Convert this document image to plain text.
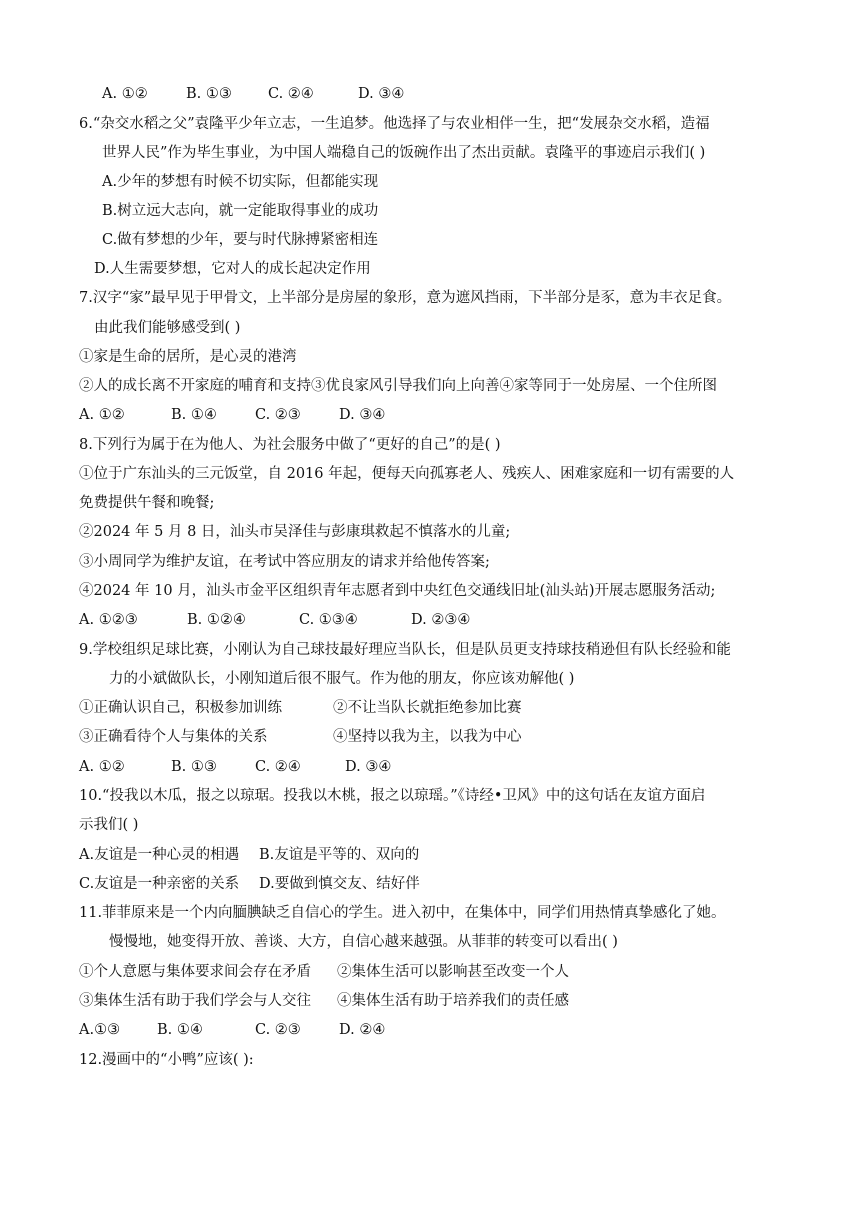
A. ①②	B. ①③ C. ②④	D. ③④
6.“杂交水稻之父”袁隆平少年立志，一生追梦。他选择了与农业相伴一生，把“发展杂交水稻，造福
世界人民”作为毕生事业，为中国人端稳自己的饭碗作出了杰出贡献。袁隆平的事迹启示我们( )
A.少年的梦想有时候不切实际，但都能实现
B.树立远大志向，就一定能取得事业的成功
C.做有梦想的少年，要与时代脉搏紧密相连
D.人生需要梦想，它对人的成长起决定作用
7.汉字“家”最早见于甲骨文，上半部分是房屋的象形，意为遮风挡雨，下半部分是豕，意为丰衣足食。
由此我们能够感受到( )
①家是生命的居所，是心灵的港湾
②人的成长离不开家庭的哺育和支持③优良家风引导我们向上向善④家等同于一处房屋、一个住所图
A. ①②	B. ①④	C. ②③	D. ③④
8.下列行为属于在为他人、为社会服务中做了“更好的自己”的是( )
①位于广东汕头的三元饭堂，自 2016 年起，便每天向孤寡老人、残疾人、困难家庭和一切有需要的人
免费提供午餐和晚餐;
②2024 年 5 月 8 日，汕头市吴泽佳与彭康琪救起不慎落水的儿童;
③小周同学为维护友谊，在考试中答应朋友的请求并给他传答案;
④2024 年 10 月，汕头市金平区组织青年志愿者到中央红色交通线旧址(汕头站)开展志愿服务活动;
A. ①②③	B. ①②④	C. ①③④	D. ②③④
9.学校组织足球比赛，小刚认为自己球技最好理应当队长，但是队员更支持球技稍逊但有队长经验和能
力的小斌做队长，小刚知道后很不服气。作为他的朋友，你应该劝解他( )
①正确认识自己，积极参加训练	②不让当队长就拒绝参加比赛
③正确看待个人与集体的关系	④坚持以我为主，以我为中心
A. ①②	B. ①③	C. ②④	D. ③④
10.“投我以木瓜，报之以琼琚。投我以木桃，报之以琼瑶。”《诗经•卫风》中的这句话在友谊方面启
示我们( )
A.友谊是一种心灵的相遇 B.友谊是平等的、双向的
C.友谊是一种亲密的关系 D.要做到慎交友、结好伴
11.菲菲原来是一个内向腼腆缺乏自信心的学生。进入初中，在集体中，同学们用热情真挚感化了她。
慢慢地，她变得开放、善谈、大方，自信心越来越强。从菲菲的转变可以看出( )
①个人意愿与集体要求间会存在矛盾 ②集体生活可以影响甚至改变一个人
③集体生活有助于我们学会与人交往 ④集体生活有助于培养我们的责任感
A.①③	B. ①④	C. ②③	D. ②④
12.漫画中的“小鸭”应该( ):
